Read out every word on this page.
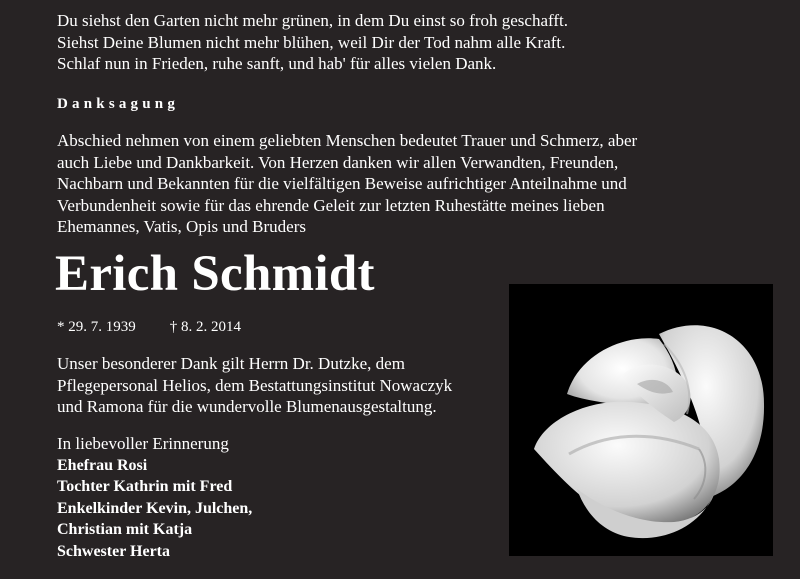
Du siehst den Garten nicht mehr grünen, in dem Du einst so froh geschafft.
Siehst Deine Blumen nicht mehr blühen, weil Dir der Tod nahm alle Kraft.
Schlaf nun in Frieden, ruhe sanft, und hab' für alles vielen Dank.
Danksagung
Abschied nehmen von einem geliebten Menschen bedeutet Trauer und Schmerz, aber
auch Liebe und Dankbarkeit. Von Herzen danken wir allen Verwandten, Freunden,
Nachbarn und Bekannten für die vielfältigen Beweise aufrichtiger Anteilnahme und
Verbundenheit sowie für das ehrende Geleit zur letzten Ruhestätte meines lieben
Ehemannes, Vatis, Opis und Bruders
Erich Schmidt
* 29. 7. 1939 † 8. 2. 2014
Unser besonderer Dank gilt Herrn Dr. Dutzke, dem
Pflegepersonal Helios, dem Bestattungsinstitut Nowaczyk
und Ramona für die wundervolle Blumenausgestaltung.
In liebevoller Erinnerung
Ehefrau Rosi
Tochter Kathrin mit Fred
Enkelkinder Kevin, Julchen,
Christian mit Katja
Schwester Herta
